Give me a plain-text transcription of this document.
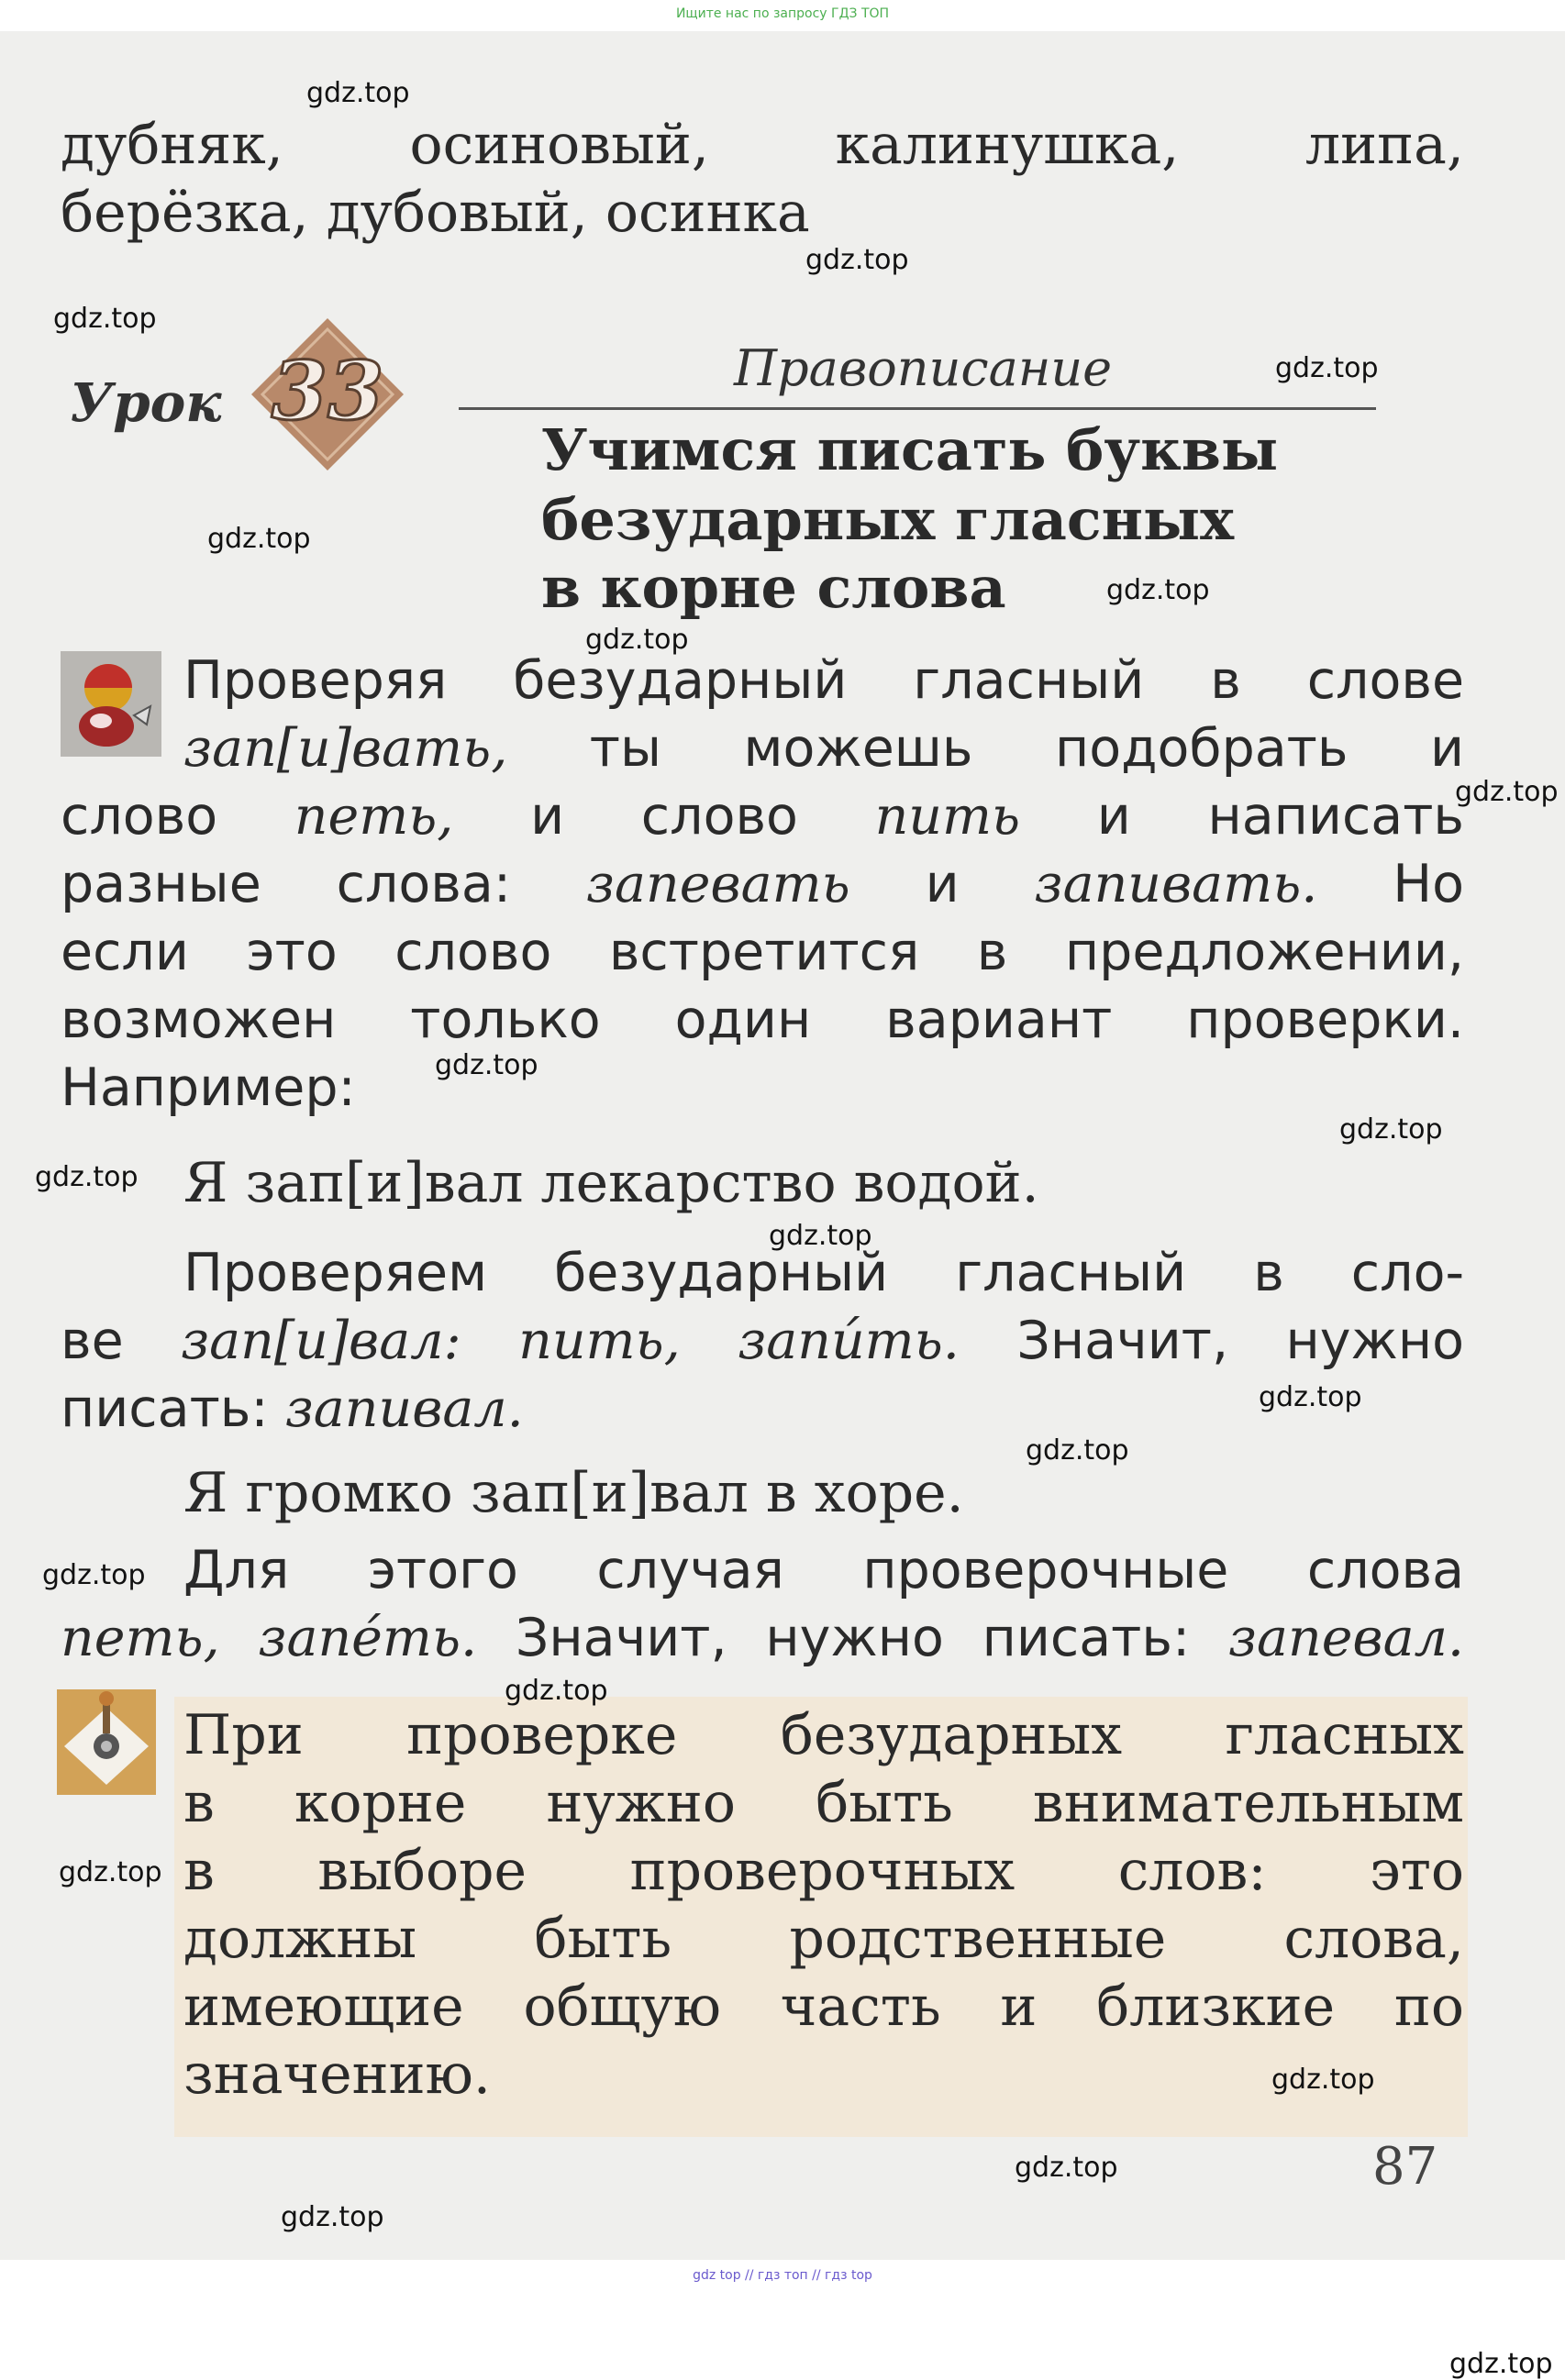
Ищите нас по запросу ГДЗ ТОП
дубняк, осиновый, калинушка, липа,
берёзка, дубовый, осинка
Урок 33	Правописание
Учимся писать буквы
безударных гласных
в корне слова
Проверяя безударный гласный в слове
зап[и]вать, ты можешь подобрать и
слово петь, и слово пить и написать
разные слова: запевать и запивать. Но
если это слово встретится в предложении,
возможен только один вариант проверки.
Например:
Я зап[и]вал лекарство водой.
Проверяем безударный гласный в сло-
ве зап[и]вал: пить, запи́ть. Значит, нужно
писать: запивал.
Я громко зап[и]вал в хоре.
Для этого случая проверочные слова
петь, запе́ть. Значит, нужно писать: запевал.
При проверке безударных гласных
в корне нужно быть внимательным
в выборе проверочных слов: это
должны быть родственные слова,
имеющие общую часть и близкие по
значению.
87
gdz.top
gdz.top
gdz.top
gdz.top
gdz.top
gdz.top
gdz.top
gdz.top
gdz.top
gdz.top
gdz.top
gdz.top
gdz.top
gdz.top
gdz.top
gdz.top
gdz.top
gdz.top
gdz.top
gdz.top
gdz.top
gdz top // гдз топ // гдз top
